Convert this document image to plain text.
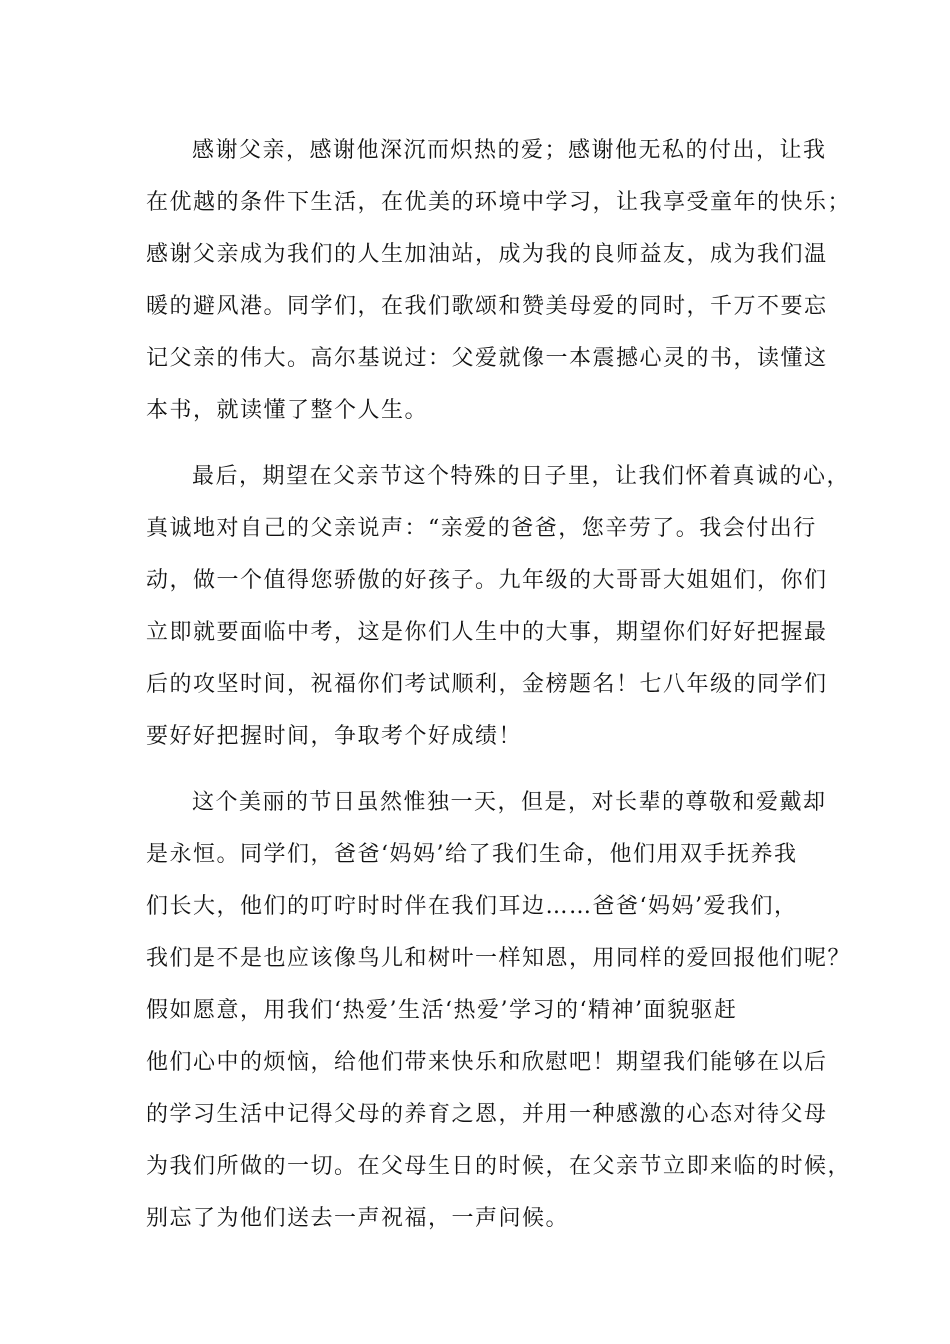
感谢父亲，感谢他深沉而炽热的爱；感谢他无私的付出，让我
在优越的条件下生活，在优美的环境中学习，让我享受童年的快乐；
感谢父亲成为我们的人生加油站，成为我的良师益友，成为我们温
暖的避风港。同学们，在我们歌颂和赞美母爱的同时，千万不要忘
记父亲的伟大。高尔基说过：父爱就像一本震撼心灵的书，读懂这
本书，就读懂了整个人生。
最后，期望在父亲节这个特殊的日子里，让我们怀着真诚的心，
真诚地对自己的父亲说声：“亲爱的爸爸，您辛劳了。我会付出行
动，做一个值得您骄傲的好孩子。九年级的大哥哥大姐姐们，你们
立即就要面临中考，这是你们人生中的大事，期望你们好好把握最
后的攻坚时间，祝福你们考试顺利，金榜题名！七八年级的同学们
要好好把握时间，争取考个好成绩！
这个美丽的节日虽然惟独一天，但是，对长辈的尊敬和爱戴却
是永恒。同学们，爸爸‘妈妈’给了我们生命，他们用双手抚养我
们长大，他们的叮咛时时伴在我们耳边……爸爸‘妈妈’爱我们，
我们是不是也应该像鸟儿和树叶一样知恩，用同样的爱回报他们呢？
假如愿意，用我们‘热爱’生活‘热爱’学习的‘精神’面貌驱赶
他们心中的烦恼，给他们带来快乐和欣慰吧！期望我们能够在以后
的学习生活中记得父母的养育之恩，并用一种感激的心态对待父母
为我们所做的一切。在父母生日的时候，在父亲节立即来临的时候，
别忘了为他们送去一声祝福，一声问候。
